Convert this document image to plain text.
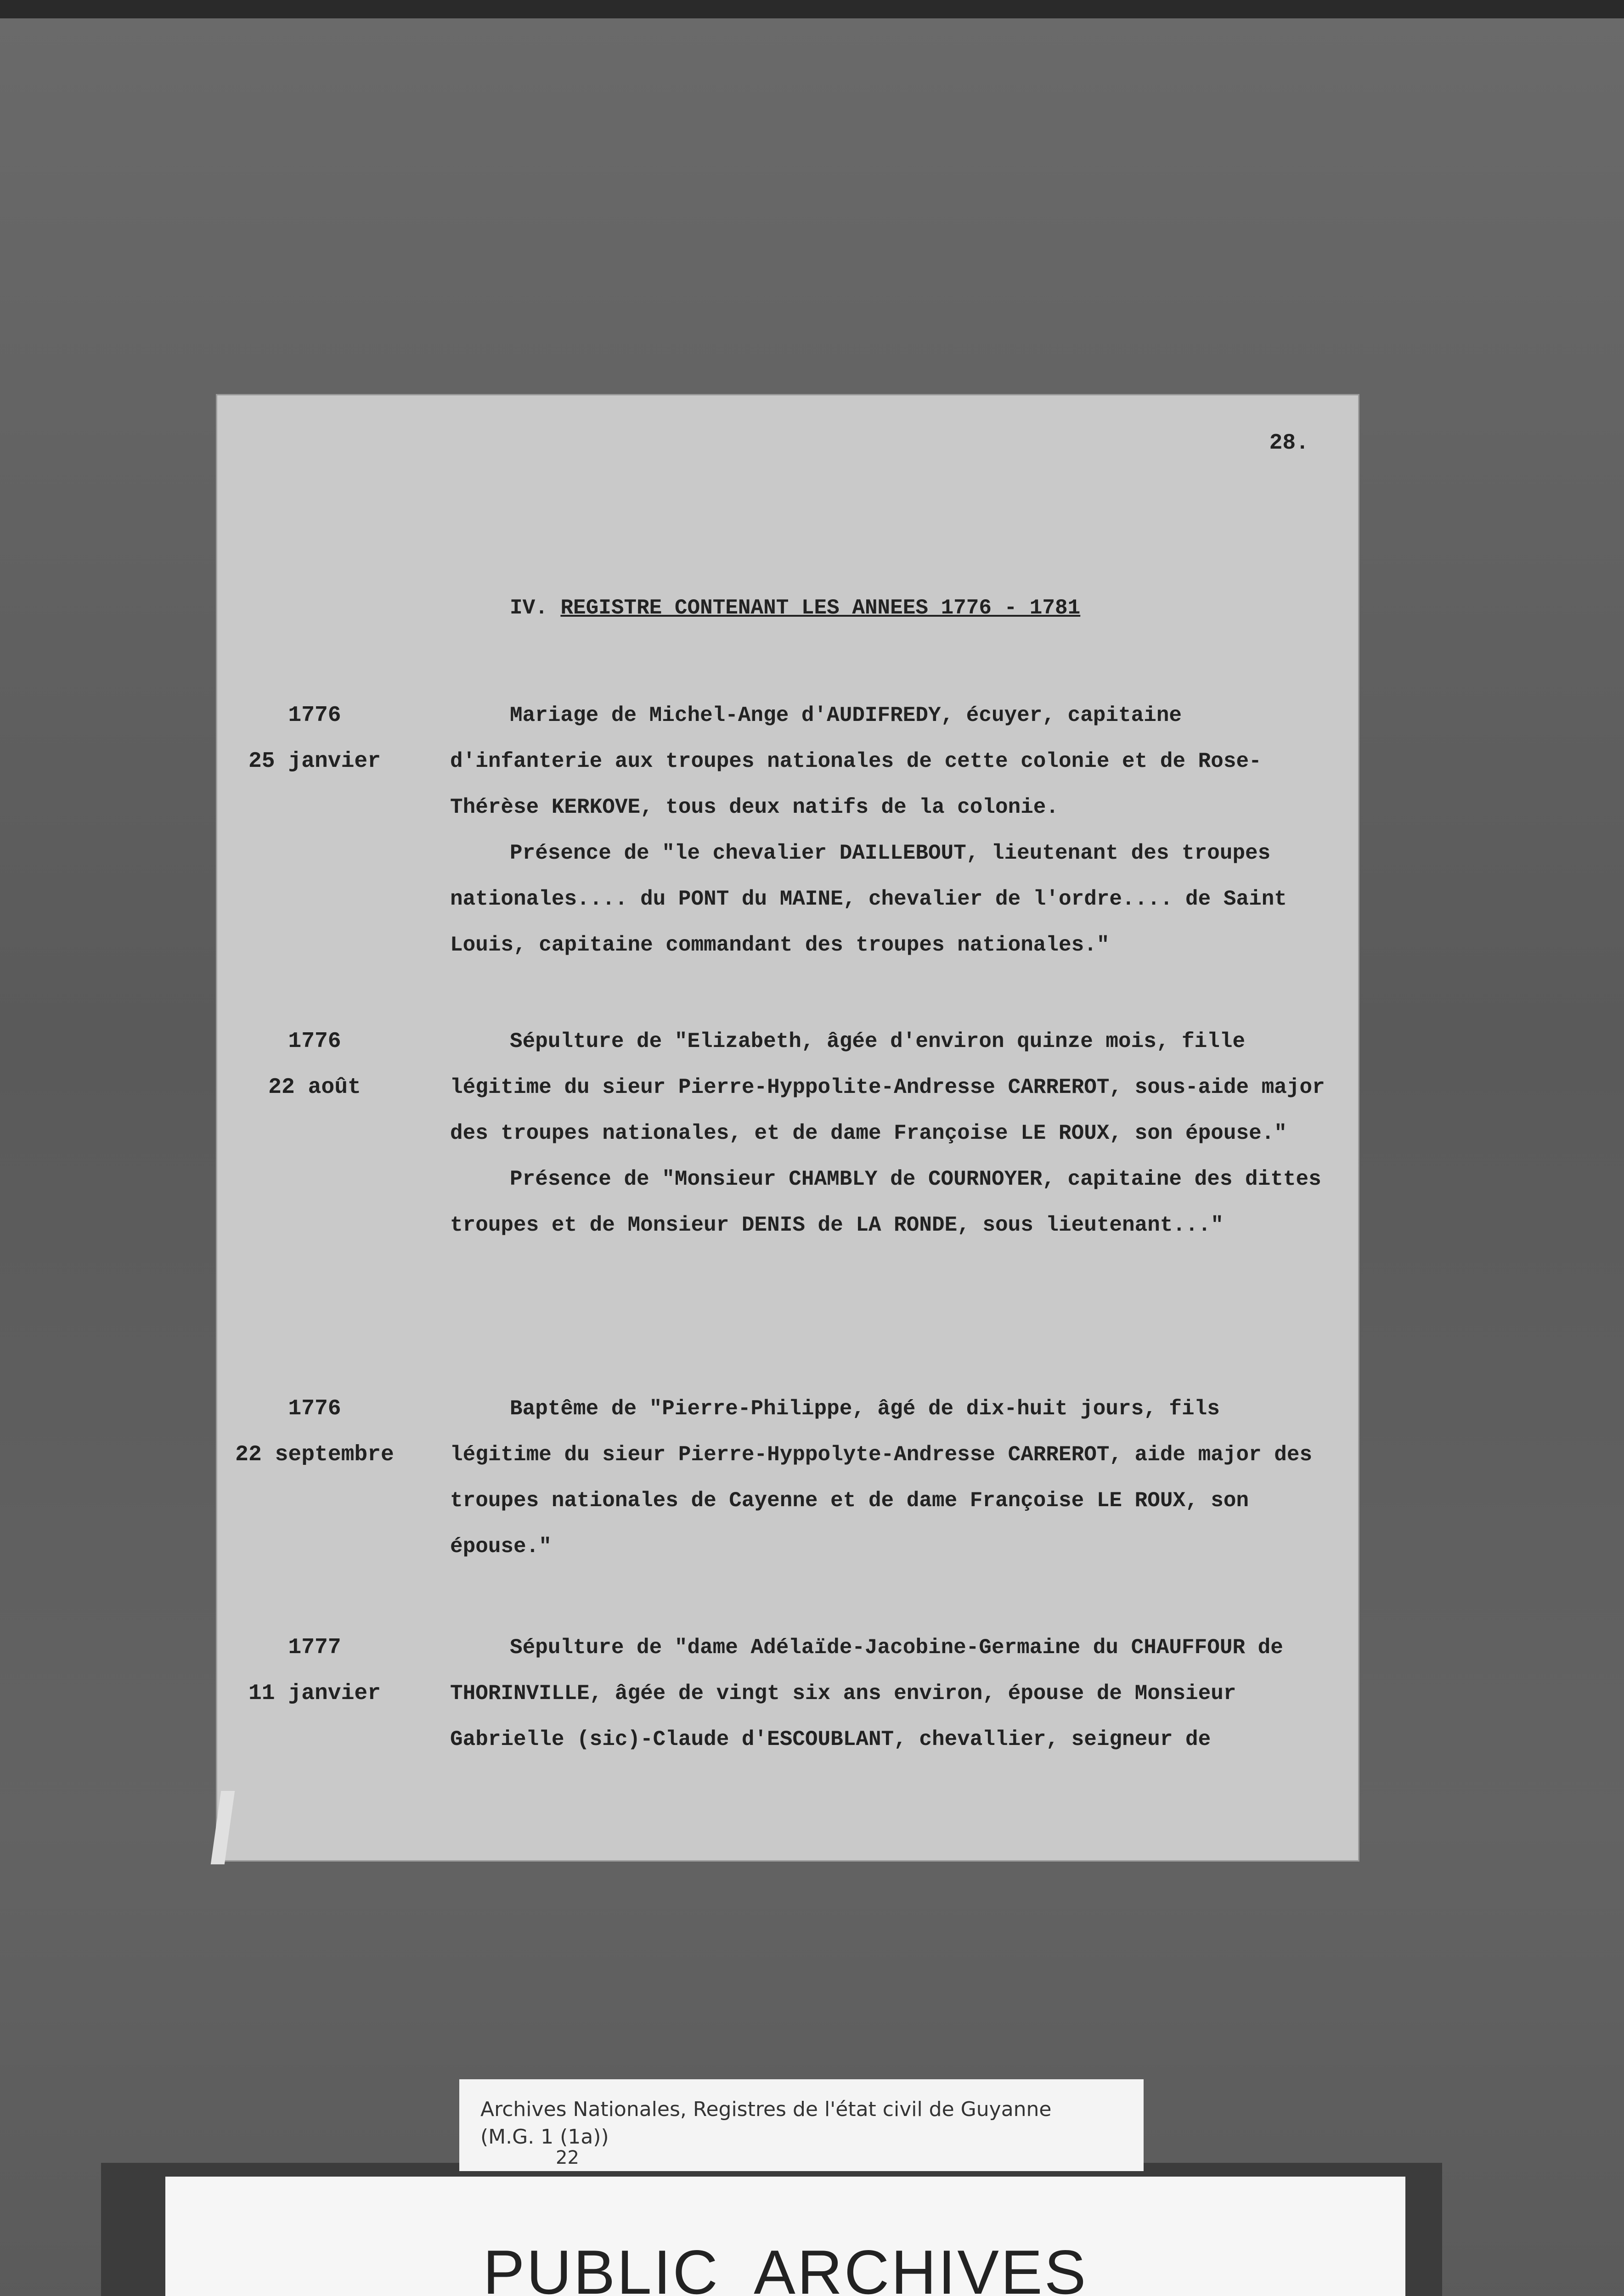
28.
IV. REGISTRE CONTENANT LES ANNEES 1776 - 1781
1776
25 janvier

Mariage de Michel-Ange d'AUDIFREDY, écuyer, capitaine d'infanterie aux troupes nationales de cette colonie et de Rose-Thérèse KERKOVE, tous deux natifs de la colonie.

Présence de "le chevalier DAILLEBOUT, lieutenant des troupes nationales.... du PONT du MAINE, chevalier de l'ordre.... de Saint Louis, capitaine commandant des troupes nationales."

1776
22 août

Sépulture de "Elizabeth, âgée d'environ quinze mois, fille légitime du sieur Pierre-Hyppolite-Andresse CARREROT, sous-aide major des troupes nationales, et de dame Françoise LE ROUX, son épouse."

Présence de "Monsieur CHAMBLY de COURNOYER, capitaine des dittes troupes et de Monsieur DENIS de LA RONDE, sous lieutenant..."

1776
22 septembre

Baptême de "Pierre-Philippe, âgé de dix-huit jours, fils légitime du sieur Pierre-Hyppolyte-Andresse CARREROT, aide major des troupes nationales de Cayenne et de dame Françoise LE ROUX, son épouse."

1777
11 janvier

Sépulture de "dame Adélaïde-Jacobine-Germaine du CHAUFFOUR de THORINVILLE, âgée de vingt six ans environ, épouse de Monsieur Gabrielle (sic)-Claude d'ESCOUBLANT, chevallier, seigneur de

Archives Nationales, Registres de l'état civil de Guyanne
(M.G. 1 (1a))
22
PUBLIC ARCHIVES
